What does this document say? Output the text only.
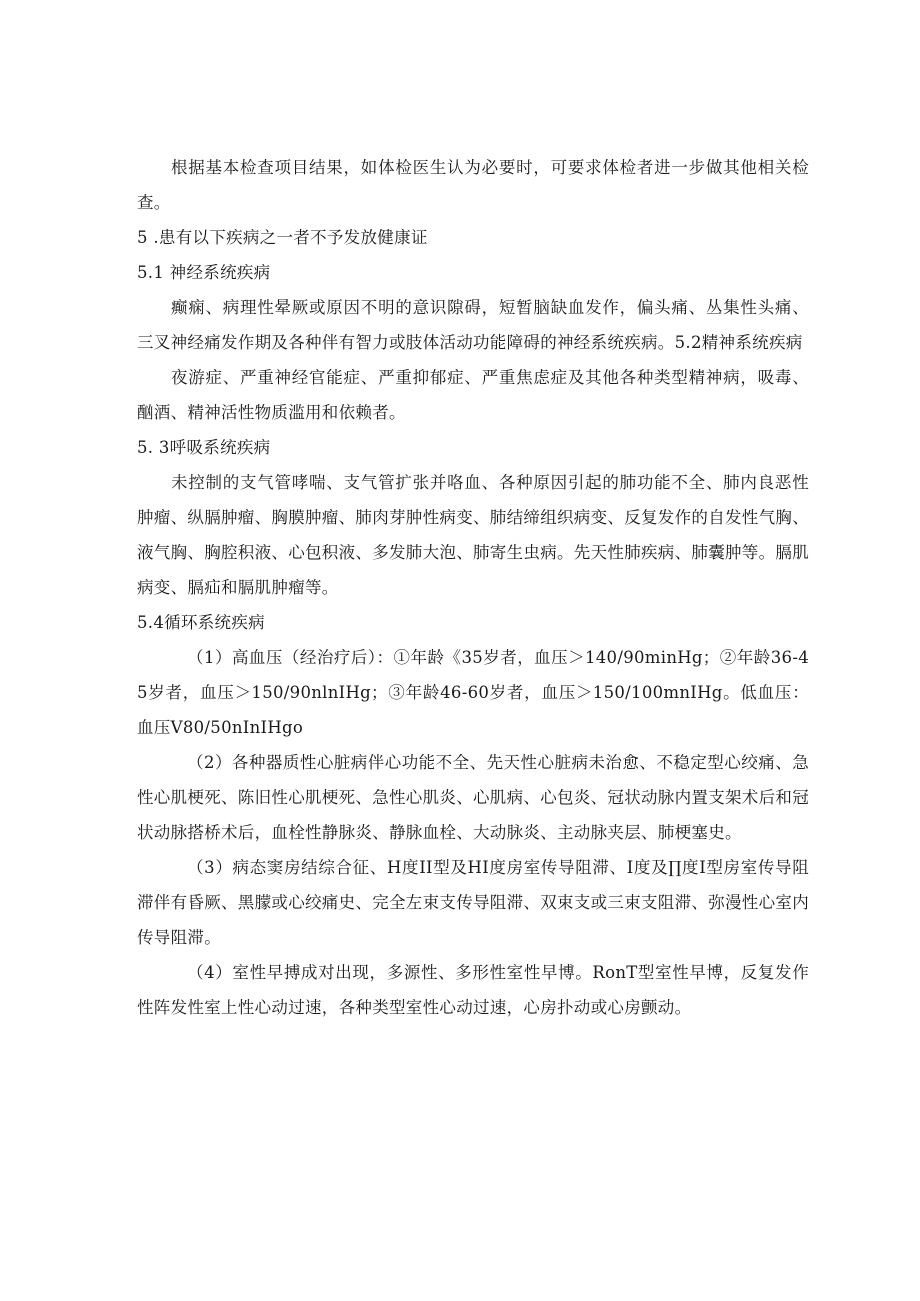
根据基本检查项目结果，如体检医生认为必要时，可要求体检者进一步做其他相关检查。

5 .患有以下疾病之一者不予发放健康证

5.1 神经系统疾病

癫痫、病理性晕厥或原因不明的意识隙碍，短暂脑缺血发作，偏头痛、丛集性头痛、三叉神经痛发作期及各种伴有智力或肢体活动功能障碍的神经系统疾病。5.2精神系统疾病

夜游症、严重神经官能症、严重抑郁症、严重焦虑症及其他各种类型精神病，吸毒、酗酒、精神活性物质滥用和依赖者。

5. 3呼吸系统疾病

未控制的支气管哮喘、支气管扩张并咯血、各种原因引起的肺功能不全、肺内良恶性肿瘤、纵膈肿瘤、胸膜肿瘤、肺肉芽肿性病变、肺结缔组织病变、反复发作的自发性气胸、液气胸、胸腔积液、心包积液、多发肺大泡、肺寄生虫病。先天性肺疾病、肺囊肿等。膈肌病变、膈疝和膈肌肿瘤等。

5.4循环系统疾病

（1）高血压（经治疗后）：①年龄《35岁者，血压＞140/90minHg；②年龄36-45岁者，血压＞150/90nlnIHg；③年龄46-60岁者，血压＞150/100mnIHg。低血压：血压V80/50nInIHgo

（2）各种器质性心脏病伴心功能不全、先天性心脏病未治愈、不稳定型心绞痛、急性心肌梗死、陈旧性心肌梗死、急性心肌炎、心肌病、心包炎、冠状动脉内置支架术后和冠状动脉搭桥术后，血栓性静脉炎、静脉血栓、大动脉炎、主动脉夹层、肺梗塞史。

（3）病态窦房结综合征、H度II型及HI度房室传导阻滞、I度及∏度I型房室传导阻滞伴有昏厥、黑朦或心绞痛史、完全左束支传导阻滞、双束支或三束支阻滞、弥漫性心室内传导阻滞。

（4）室性早搏成对出现，多源性、多形性室性早博。RonT型室性早博，反复发作性阵发性室上性心动过速，各种类型室性心动过速，心房扑动或心房颤动。
